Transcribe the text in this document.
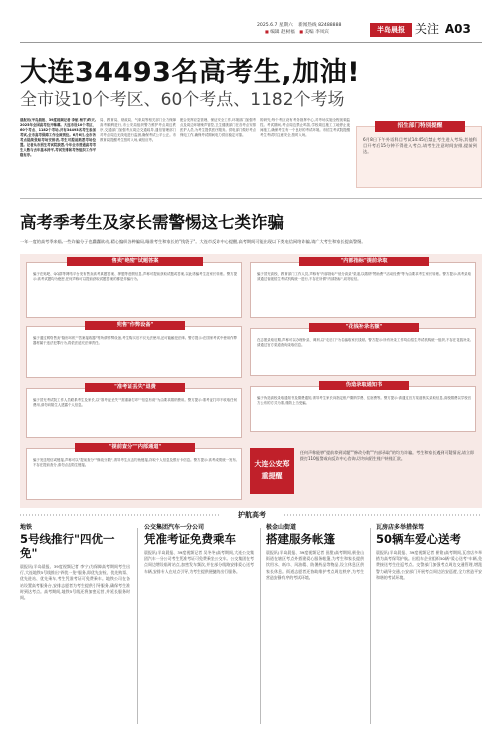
2025.6.7 星期六 新闻热线 82488888
■ 编辑 赵树福 ■ 美编 李凤宾	半岛晨报 关注 A03
大连34493名高考生,加油!
全市设10个考区、60个考点、1182个考场
晨报讯(半岛晨报、39度视频记者 李航 杨宇)昨天,2025年全国高考拉开帷幕。大连市设10个考区、60个考点、1182个考场,共有34493名考生参加考试,全市高考保障工作全面到位。6月6日,全市各考点陆续张贴考场安排表,考生可提前熟悉考场位置。记者从市招生考试院获悉,今年全市普通高考考生人数与去年基本持平,考试安排和考务组织工作平稳有序。
局、教育局、财政局、气象局等相关部门全力保障高考顺利进行,市公安局组织警力维护考点周边秩序,交通部门加强考点周边交通疏导,通信管理部门对考点周边无线电进行监测,确保考试公平公正。市教育局提醒考生按时入场,诚信应考。
配合发挥应急管理、保证安全工作,环境部门加强考点及周边环境噪声管控,卫生健康部门在各考点安排医护人员,为考生提供医疗服务。供电部门做好考点保电工作,确保考试期间电力供应稳定可靠。
的研究;每个考区设有考务指挥中心,对考场实施全程视频监控。考试期间,考点周边禁止鸣笛,学校周边施工工地停止夜间施工,确保考生有一个良好的考试环境。市招生考试院提醒考生考试时注意安全,按时入场。
招生部门特别提醒
6月8日下午外语科目考试14:45后禁止考生进入考场,其他科目开考后15分钟不得进入考点,请考生注意时间安排,提前到达。
高考季考生及家长需警惕这七类诈骗
一年一度的高考季来临,一些诈骗分子也蠢蠢欲动,精心编织各种骗局,瞄准考生和家长的"钱袋子"。大连市反诈中心提醒,高考期间可能出现以下类电信网络诈骗,请广大考生和家长提高警惕。
售卖"绝密"试题答案
骗子在贴吧、QQ群等网络平台发布售卖高考真题答案、押题等虚假信息,声称可提前获取试题或答案,以此诱骗考生及家长转账。警方提示:高考试题均为绝密,任何声称可以提前获取试题答案的都是诈骗行为。
"内部指标"提前录取
骗子冒充高校、教育部门工作人员,声称有"内部指标""低分高录"渠道,以缴纳"赞助费""活动经费"等为由要求考生家长转账。警方提示:高考录取须通过省级招生考试机构统一进行,不存在所谓"内部指标",切勿轻信。
"花钱补录名额"
在志愿录取后期,声称可以办理补录、调剂,以"走后门"为名骗取家长钱财。警方提示:所有补录工作均由招生考试机构统一组织,不存在花钱补录,请通过官方渠道查询录取信息。
兜售"作弊设备"
骗子通过网络售卖"隐形耳机""答案接收器"等所谓作弊设备,考生购买后不仅无法使用,还可能触犯法律。警方提示:在国家考试中使用作弊器材属于违法犯罪行为,将依法追究法律责任。
"准考证丢失"退费
骗子冒充考试院工作人员联系考生及家长,以"准考证丢失""需重新打印""信息有误"为由要求缴纳费用。警方提示:准考证打印不收取任何费用,请勿向陌生人透露个人信息。
伪造录取通知书
骗子伪造高校录取通知书及缴费通知,诱导考生家长向指定账户缴纳学费、住宿费等。警方提示:请通过官方渠道核实录取信息,高校缴费以学校官方公布的方式为准,谨防上当受骗。
"提前查分""内部通道"
骗子发送短信或链接,声称可以"提前查分""修改分数",诱导考生点击钓鱼链接,窃取个人信息及银行卡信息。警方提示:高考成绩统一发布,不存在提前查分,请勿点击陌生链接。	大连公安郑重提醒
任何声称能够"提前拿到试题""修改分数""内部录取"的均为诈骗。考生和家长遇到可疑情况,请立即拨打110报警或向反诈中心咨询,切勿向陌生账户转账汇款。
护航高考
地铁
5号线推行"四优一免"
晨报讯(半岛晨报、39度视频记者 李宁)为保障高考期间考生出行,大连地铁5号线推出"四优一免"服务,即优先安检、优先购票、优先进站、优先乘车,考生凭准考证可免费乘车。地铁公司在各站设置高考服务台,安排志愿者为考生提供引导服务,确保考生准时到达考点。高考期间,地铁5号线还将加密运营,并延长服务时间。
公交集团汽车一分公司
凭准考证免费乘车
晨报讯(半岛晨报、39度视频记者 吴冬冬)高考期间,大连公交集团汽车一分公司考生凭准考证可免费乘坐公交车。公交集团在考点周边增设临时站点,加密发车频次,并在部分线路安排爱心送考车辆,安排专人在站点引导,为考生提供便捷的出行服务。
极金山街道
搭建服务帐篷
晨报讯(半岛晨报、39度视频记者 田甜)高考期间,极金山街道在辖区考点外搭建爱心服务帐篷,为考生和家长提供饮用水、纸巾、风油精、防暑药品等物品,设立休息区供家长休息。街道志愿者还协助维护考点周边秩序,为考生营造安静有序的考试环境。
瓦房店多举措保驾
50辆车爱心送考
晨报讯(半岛晨报、39度视频记者 崔铭)高考期间,瓦房店多举措为高考保驾护航。出租车企业组织50辆"爱心送考"车辆,免费接送考生往返考点。交警部门加强考点周边交通管理,增派警力疏导交通,公安部门开展考点周边治安巡逻,全力营造平安和谐的考试环境。
